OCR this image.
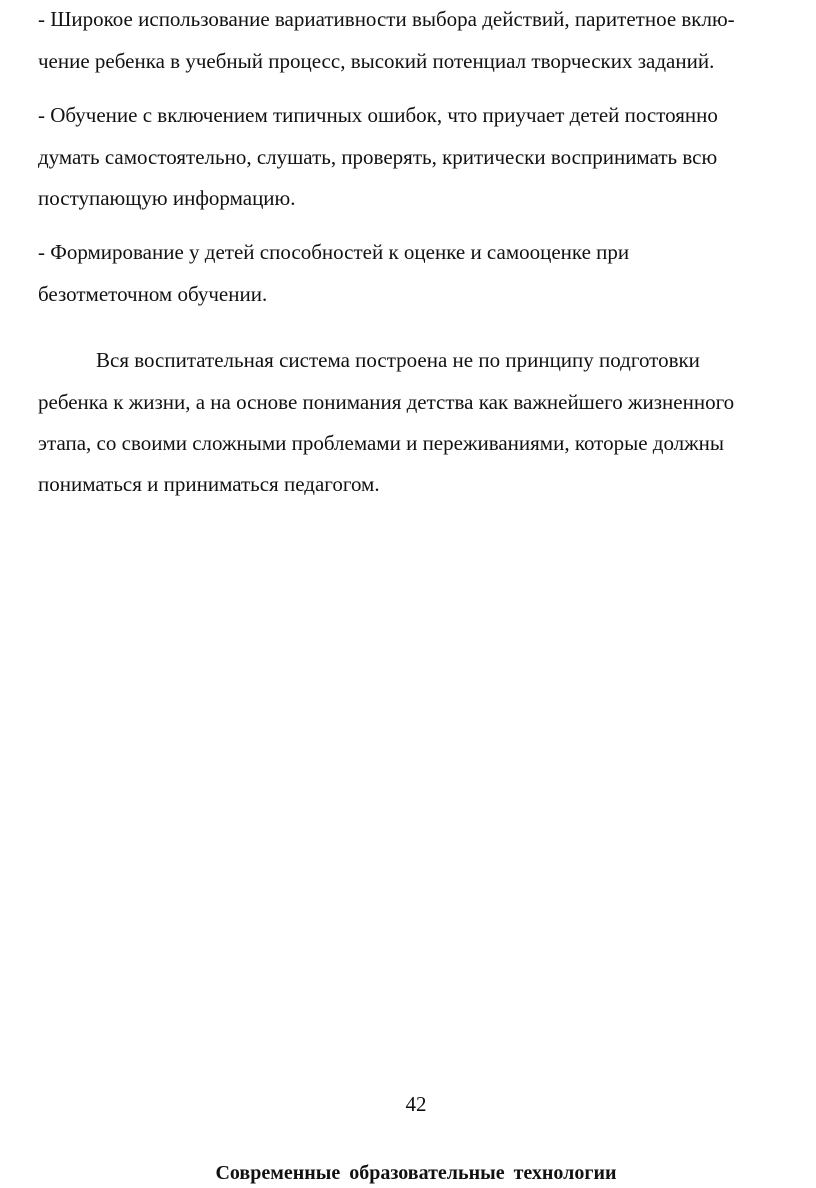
- Широкое использование вариативности выбора действий, паритетное вклю-
чение ребенка в учебный процесс, высокий потенциал творческих заданий.
- Обучение с включением типичных ошибок, что приучает детей постоянно
думать самостоятельно, слушать, проверять, критически воспринимать всю
поступающую информацию.
- Формирование у детей способностей к оценке и самооценке при
безотметочном обучении.
Вся воспитательная система построена не по принципу подготовки
ребенка к жизни, а на основе понимания детства как важнейшего жизненного
этапа, со своими сложными проблемами и переживаниями, которые должны
пониматься и приниматься педагогом.
42
Современные образовательные технологии
